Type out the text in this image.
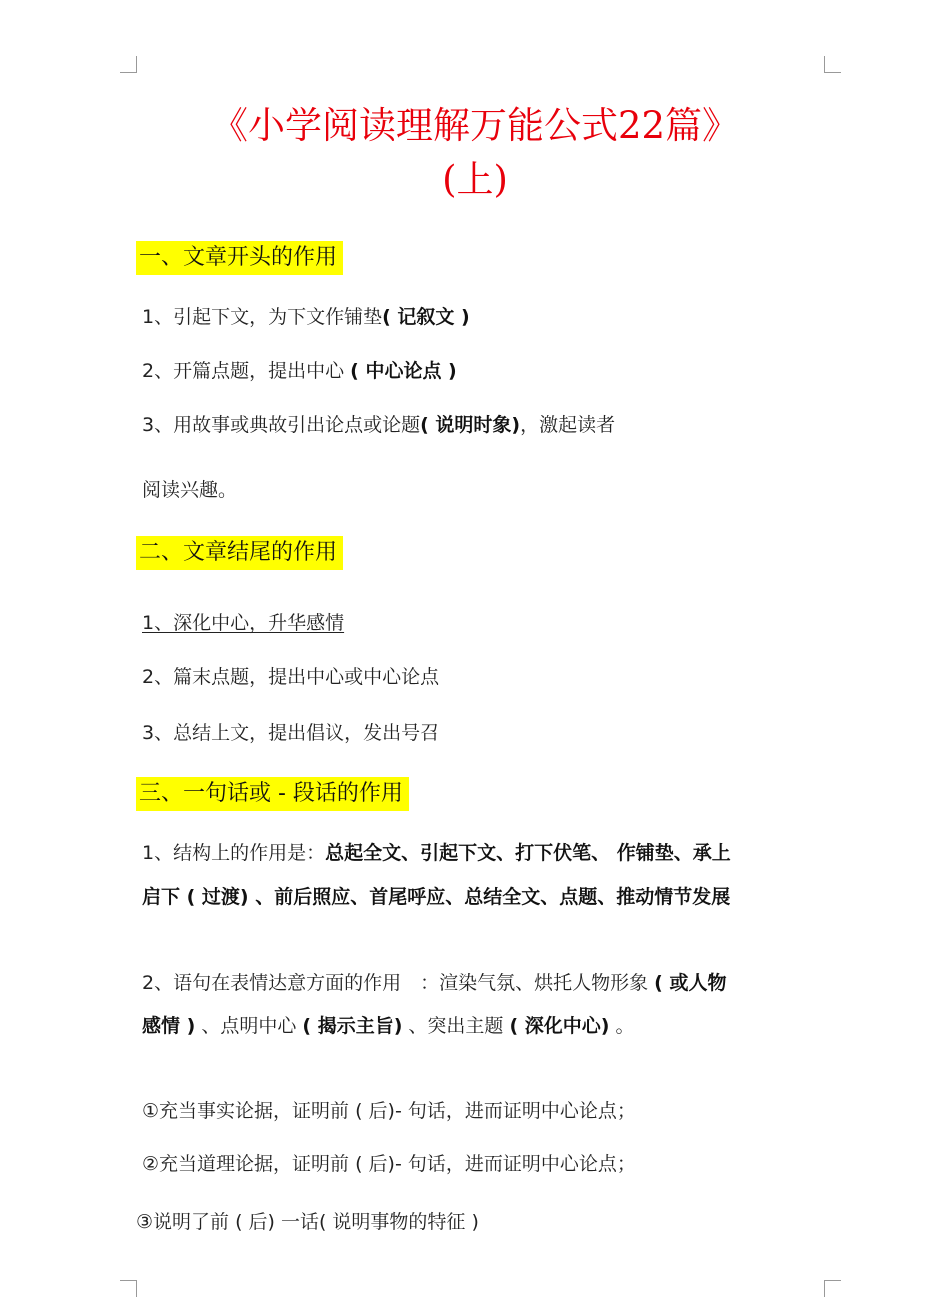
《小学阅读理解万能公式22篇》
(上)
一、文章开头的作用
1、引起下文，为下文作铺垫( 记叙文 )
2、开篇点题，提出中心 ( 中心论点 )
3、用故事或典故引出论点或论题( 说明时象)，激起读者
阅读兴趣。
二、文章结尾的作用
1、深化中心，升华感情
2、篇末点题，提出中心或中心论点
3、总结上文，提出倡议，发出号召
三、一句话或 - 段话的作用
1、结构上的作用是：总起全文、引起下文、打下伏笔、 作铺垫、承上
启下 ( 过渡) 、前后照应、首尾呼应、总结全文、点题、推动情节发展
2、语句在表情达意方面的作用　：渲染气氛、烘托人物形象 ( 或人物
感情 ) 、点明中心 ( 揭示主旨) 、突出主题 ( 深化中心) 。
①充当事实论据，证明前 ( 后)- 句话，进而证明中心论点；
②充当道理论据，证明前 ( 后)- 句话，进而证明中心论点；
③说明了前 ( 后) 一话( 说明事物的特征 )
